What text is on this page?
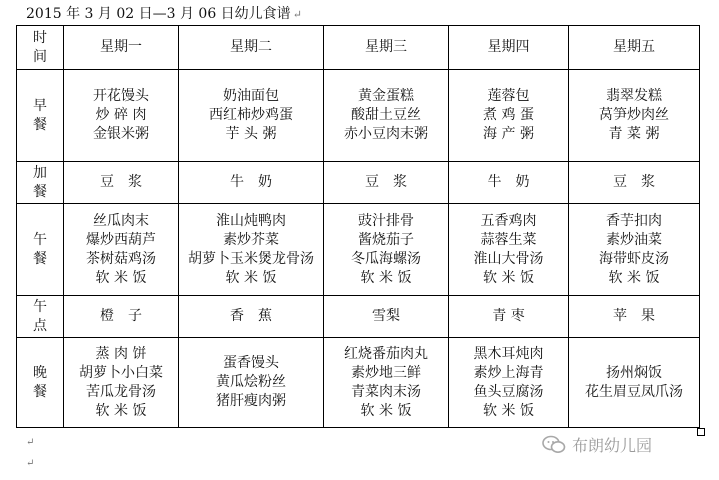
2015 年 3 月 02 日—3 月 06 日幼儿食谱 ↵
时
间	星期一	星期二	星期三	星期四	星期五

早
餐	开花馒头
炒 碎 肉
金银米粥	奶油面包
西红柿炒鸡蛋
芋 头 粥	黄金蛋糕
酸甜土豆丝
赤小豆肉末粥	莲蓉包
煮 鸡 蛋
海 产 粥	翡翠发糕
莴笋炒肉丝
青 菜 粥

加
餐	豆　浆	牛　奶	豆　浆	牛　奶	豆　浆

午
餐	丝瓜肉末
爆炒西葫芦
茶树菇鸡汤
软 米 饭	淮山炖鸭肉
素炒芥菜
胡萝卜玉米煲龙骨汤
软 米 饭	豉汁排骨
酱烧茄子
冬瓜海螺汤
软 米 饭	五香鸡肉
蒜蓉生菜
淮山大骨汤
软 米 饭	香芋扣肉
素炒油菜
海带虾皮汤
软 米 饭

午
点	橙　子	香　蕉	雪梨	青 枣	苹　果

晚
餐	蒸 肉 饼
胡萝卜小白菜
苦瓜龙骨汤
软 米 饭	蛋香馒头
黄瓜烩粉丝
猪肝瘦肉粥	红烧番茄肉丸
素炒地三鲜
青菜肉末汤
软 米 饭	黑木耳炖肉
素炒上海青
鱼头豆腐汤
软 米 饭	扬州焖饭
花生眉豆凤爪汤
↵
↵
布朗幼儿园
